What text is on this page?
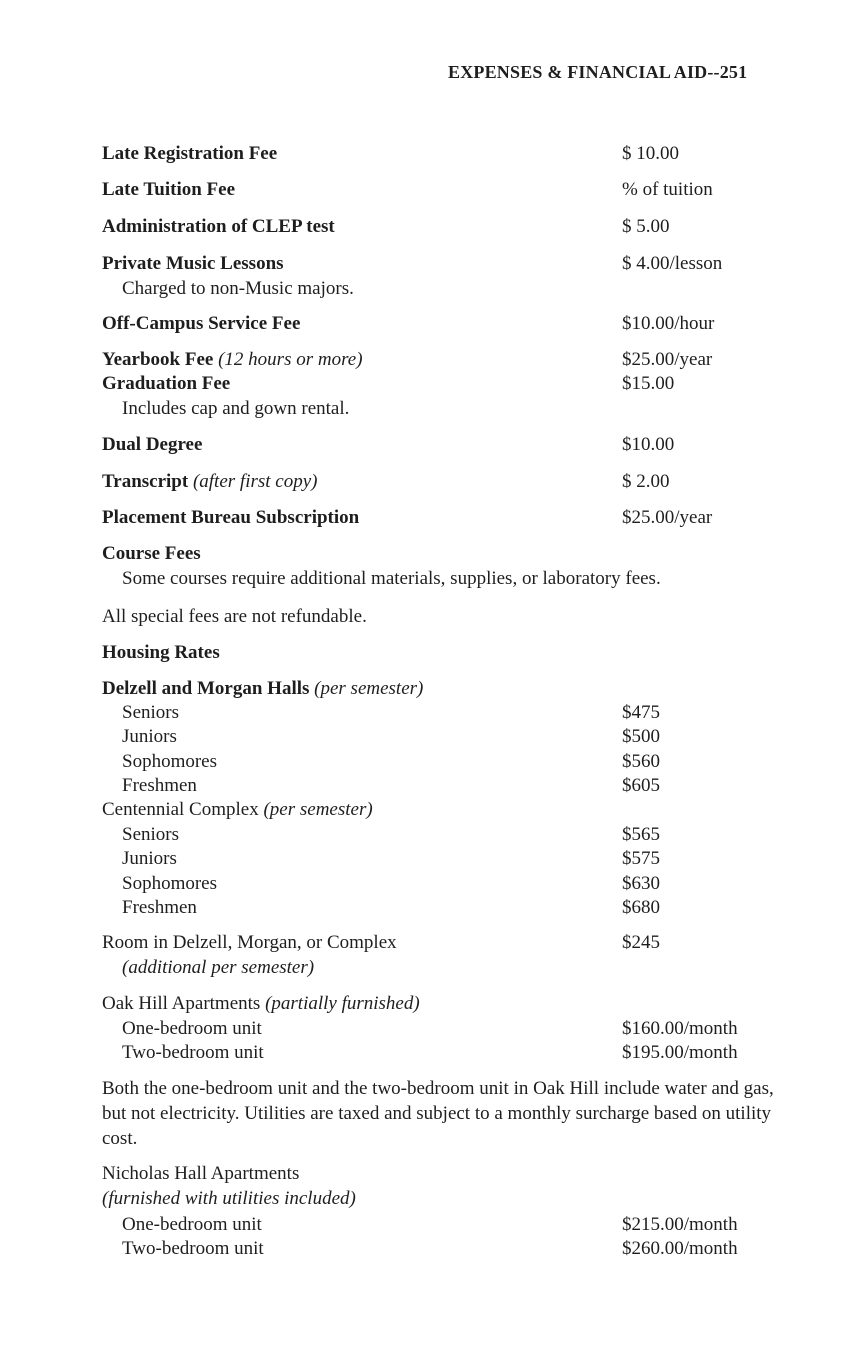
EXPENSES & FINANCIAL AID--251
Late Registration Fee	$ 10.00
Late Tuition Fee	% of tuition
Administration of CLEP test	$ 5.00
Private Music Lessons	$ 4.00/lesson
Charged to non-Music majors.
Off-Campus Service Fee	$10.00/hour
Yearbook Fee (12 hours or more)	$25.00/year
Graduation Fee	$15.00
Includes cap and gown rental.
Dual Degree	$10.00
Transcript (after first copy)	$ 2.00
Placement Bureau Subscription	$25.00/year
Course Fees
Some courses require additional materials, supplies, or laboratory fees.
All special fees are not refundable.
Housing Rates
Delzell and Morgan Halls (per semester)
Seniors	$475
Juniors	$500
Sophomores	$560
Freshmen	$605
Centennial Complex (per semester)
Seniors	$565
Juniors	$575
Sophomores	$630
Freshmen	$680
Room in Delzell, Morgan, or Complex	$245
(additional per semester)
Oak Hill Apartments (partially furnished)
One-bedroom unit	$160.00/month
Two-bedroom unit	$195.00/month
Both the one-bedroom unit and the two-bedroom unit in Oak Hill include water and gas, but not electricity. Utilities are taxed and subject to a monthly surcharge based on utility cost.
Nicholas Hall Apartments
(furnished with utilities included)
One-bedroom unit	$215.00/month
Two-bedroom unit	$260.00/month
